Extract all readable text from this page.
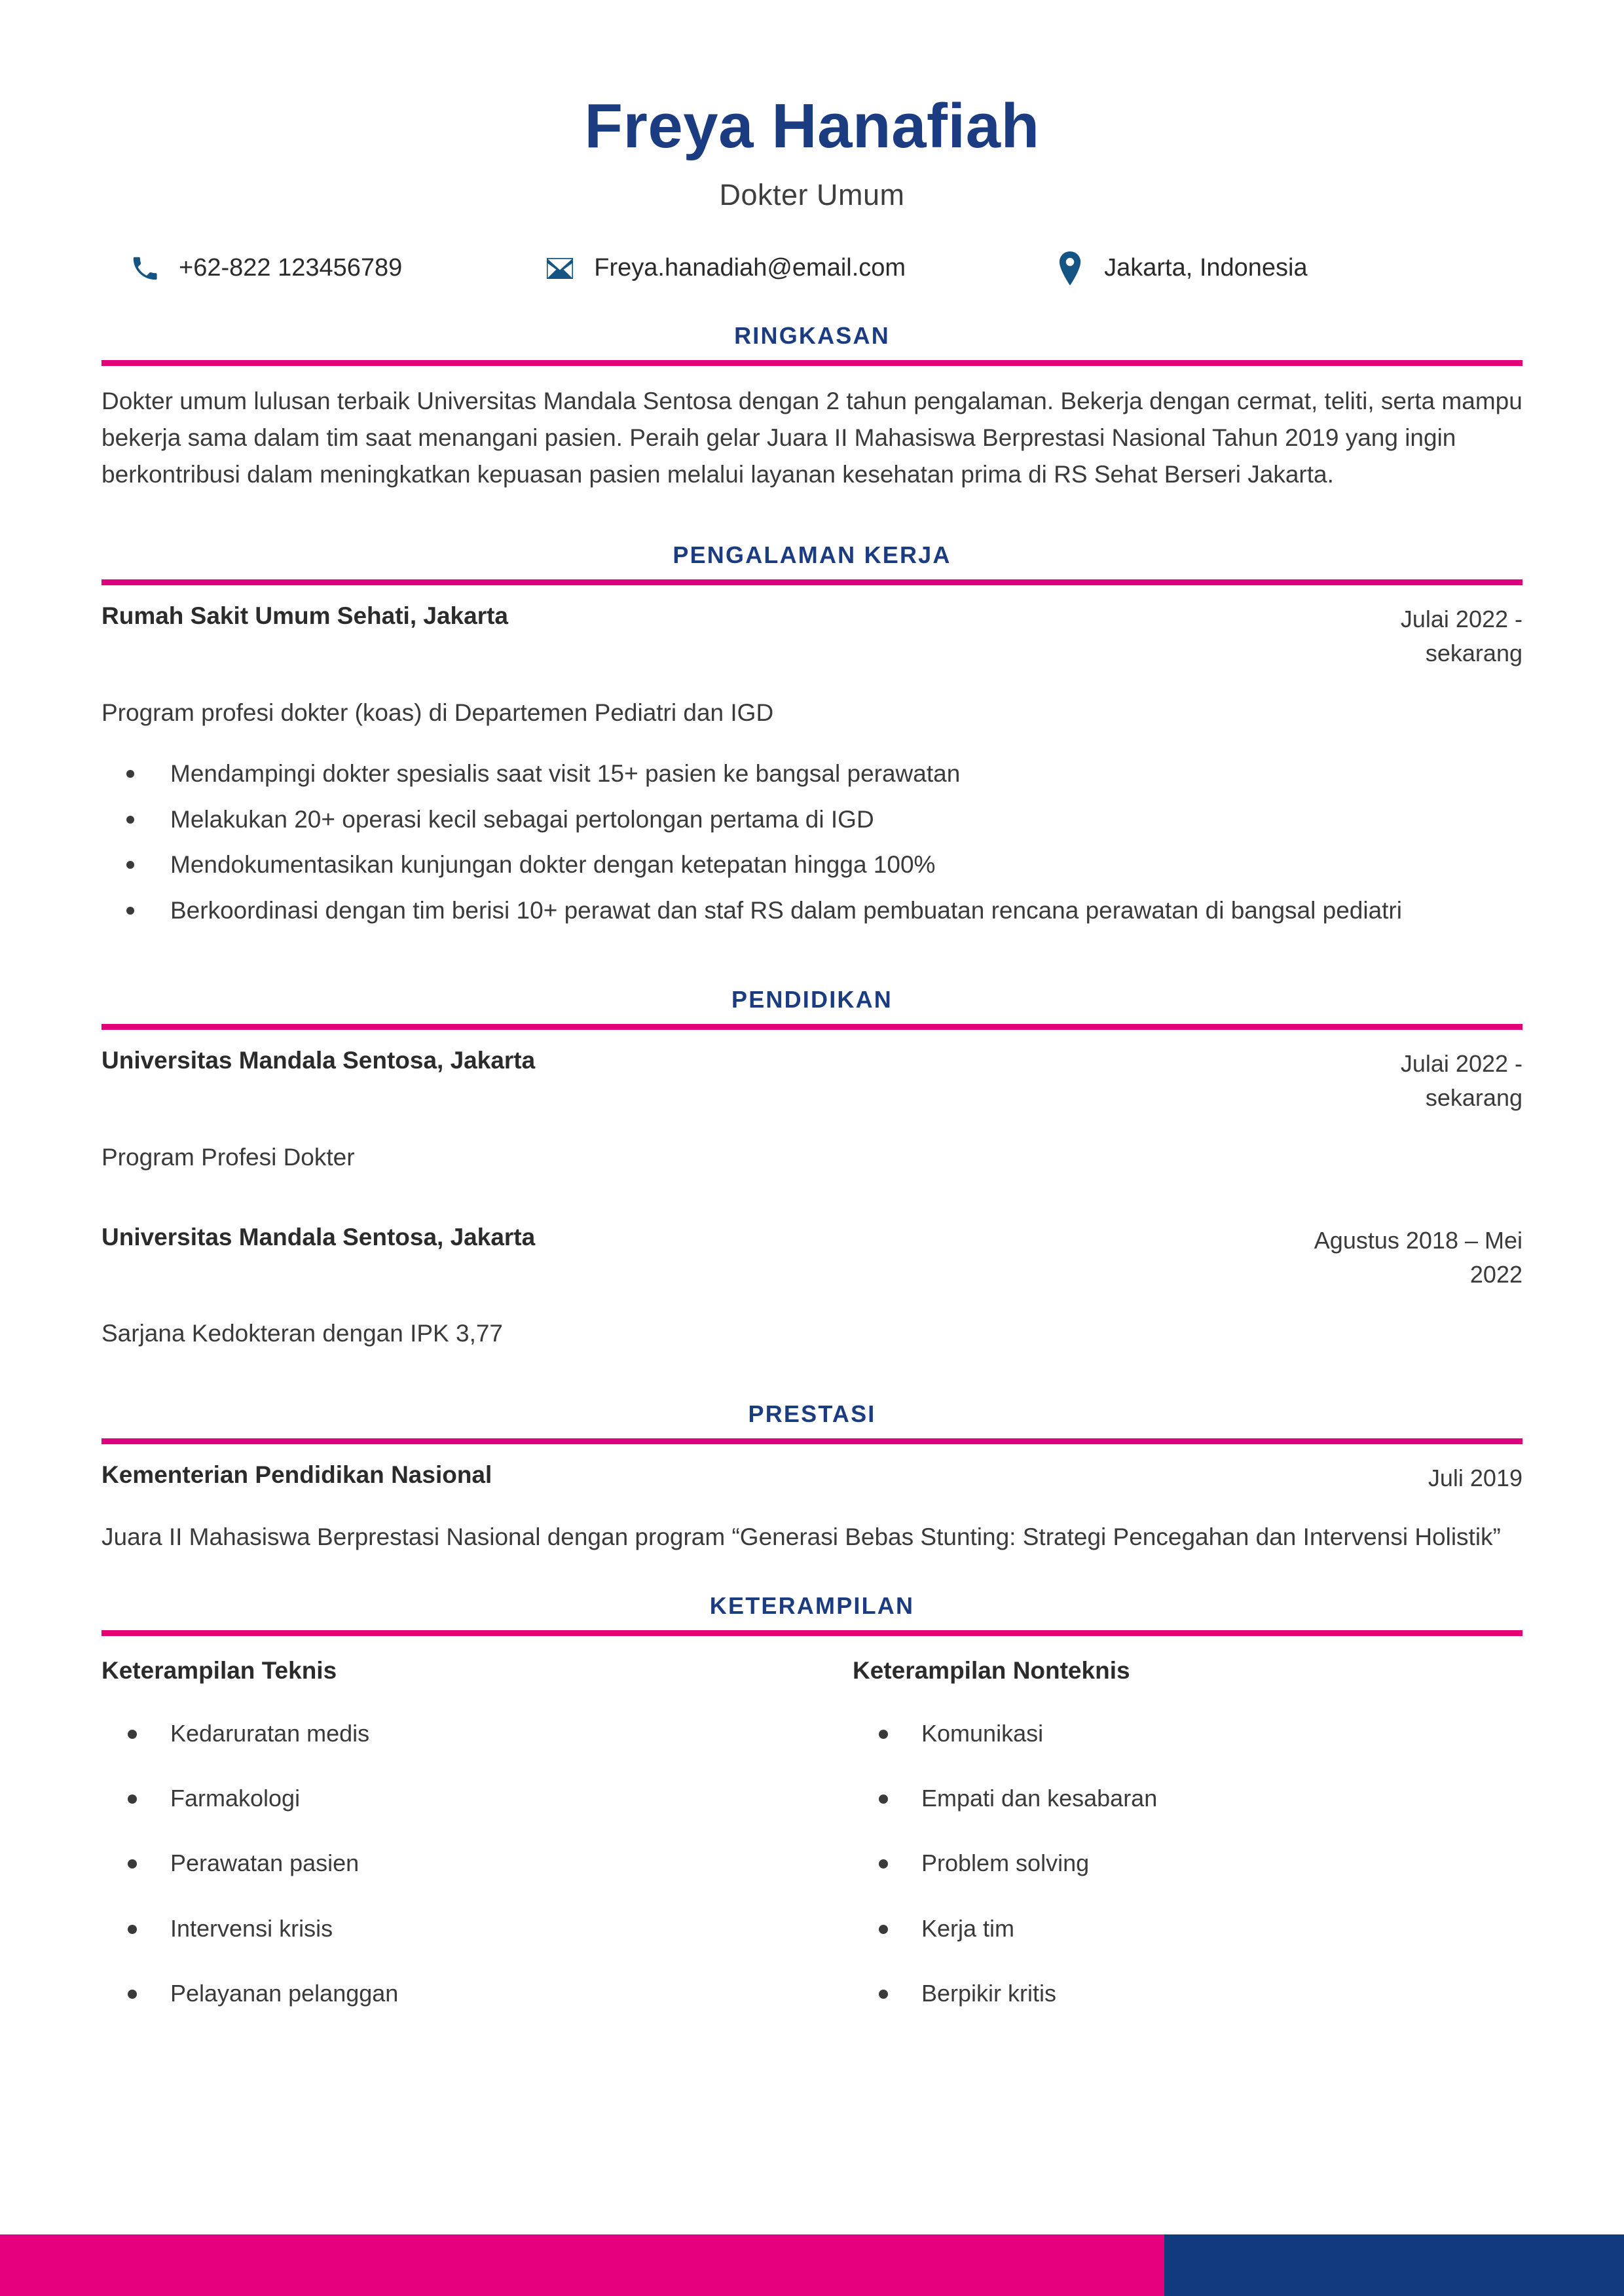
Freya Hanafiah
Dokter Umum
+62-822 123456789	Freya.hanadiah@email.com	Jakarta, Indonesia
RINGKASAN
Dokter umum lulusan terbaik Universitas Mandala Sentosa dengan 2 tahun pengalaman. Bekerja dengan cermat, teliti, serta mampu bekerja sama dalam tim saat menangani pasien. Peraih gelar Juara II Mahasiswa Berprestasi Nasional Tahun 2019 yang ingin berkontribusi dalam meningkatkan kepuasan pasien melalui layanan kesehatan prima di RS Sehat Berseri Jakarta.
PENGALAMAN KERJA
Rumah Sakit Umum Sehati, Jakarta	Julai 2022 - sekarang
Program profesi dokter (koas) di Departemen Pediatri dan IGD
Mendampingi dokter spesialis saat visit 15+ pasien ke bangsal perawatan
Melakukan 20+ operasi kecil sebagai pertolongan pertama di IGD
Mendokumentasikan kunjungan dokter dengan ketepatan hingga 100%
Berkoordinasi dengan tim berisi 10+ perawat dan staf RS dalam pembuatan rencana perawatan di bangsal pediatri
PENDIDIKAN
Universitas Mandala Sentosa, Jakarta	Julai 2022 - sekarang
Program Profesi Dokter
Universitas Mandala Sentosa, Jakarta	Agustus 2018 – Mei 2022
Sarjana Kedokteran dengan IPK 3,77
PRESTASI
Kementerian Pendidikan Nasional	Juli 2019
Juara II Mahasiswa Berprestasi Nasional dengan program “Generasi Bebas Stunting: Strategi Pencegahan dan Intervensi Holistik”
KETERAMPILAN
Keterampilan Teknis
Kedaruratan medis
Farmakologi
Perawatan pasien
Intervensi krisis
Pelayanan pelanggan
Keterampilan Nonteknis
Komunikasi
Empati dan kesabaran
Problem solving
Kerja tim
Berpikir kritis
